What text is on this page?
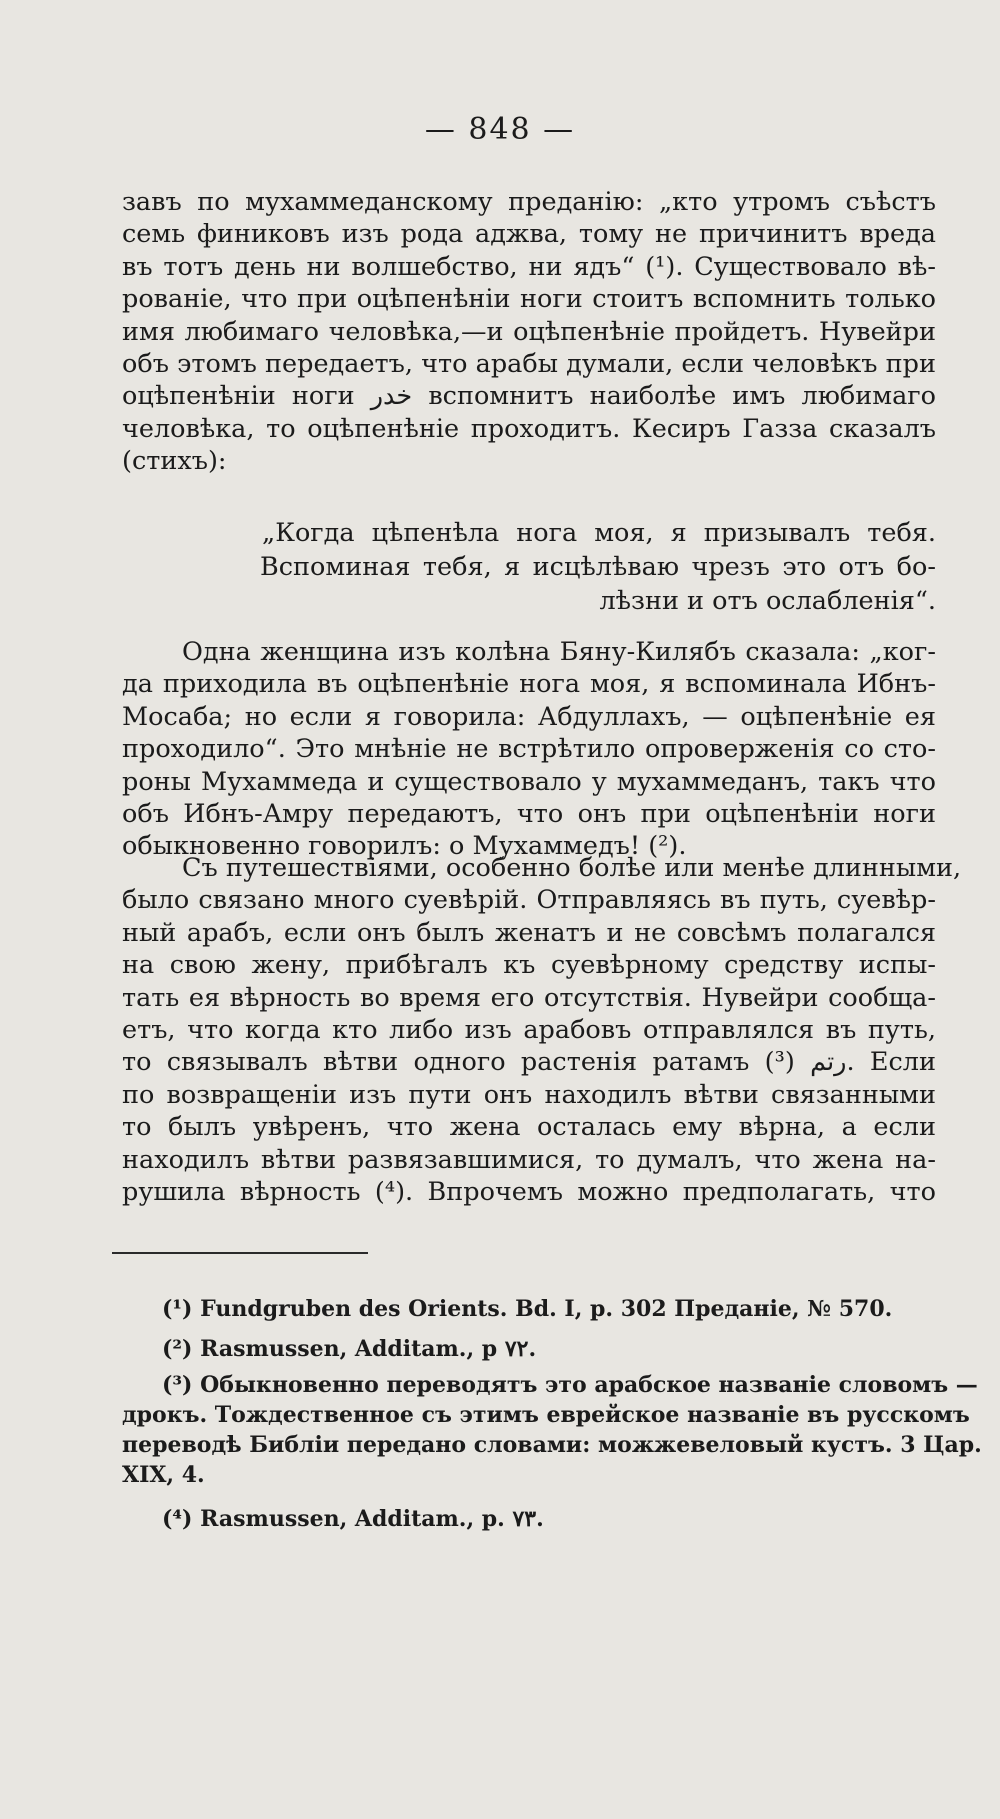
— 848 —
завъ по мухаммеданскому преданію: „кто утромъ съѣстъ
семь финиковъ изъ рода аджва, тому не причинитъ вреда
въ тотъ день ни волшебство, ни ядъ“ (¹). Существовало вѣ-
рованіе, что при оцѣпенѣніи ноги стоитъ вспомнить только
имя любимаго человѣка,—и оцѣпенѣніе пройдетъ. Нувейри
объ этомъ передаетъ, что арабы думали, если человѣкъ при
оцѣпенѣніи ноги خدر вспомнитъ наиболѣе имъ любимаго
человѣка, то оцѣпенѣніе проходитъ. Кесиръ Газза сказалъ
(стихъ):
„Когда цѣпенѣла нога моя, я призывалъ тебя.
Вспоминая тебя, я исцѣлѣваю чрезъ это отъ бо-
лѣзни и отъ ослабленія“.
Одна женщина изъ колѣна Бяну-Килябъ сказала: „ког-
да приходила въ оцѣпенѣніе нога моя, я вспоминала Ибнъ-
Мосаба; но если я говорила: Абдуллахъ, — оцѣпенѣніе ея
проходило“. Это мнѣніе не встрѣтило опроверженія со сто-
роны Мухаммеда и существовало у мухаммеданъ, такъ что
объ Ибнъ-Амру передаютъ, что онъ при оцѣпенѣніи ноги
обыкновенно говорилъ: о Мухаммедъ! (²).
Съ путешествіями, особенно болѣе или менѣе длинными,
было связано много суевѣрій. Отправляясь въ путь, суевѣр-
ный арабъ, если онъ былъ женатъ и не совсѣмъ полагался
на свою жену, прибѣгалъ къ суевѣрному средству испы-
тать ея вѣрность во время его отсутствія. Нувейри сообща-
етъ, что когда кто либо изъ арабовъ отправлялся въ путь,
то связывалъ вѣтви одного растенія ратамъ رتم (³). Если
по возвращеніи изъ пути онъ находилъ вѣтви связанными
то былъ увѣренъ, что жена осталась ему вѣрна, а если
находилъ вѣтви развязавшимися, то думалъ, что жена на-
рушила вѣрность (⁴). Впрочемъ можно предполагать, что
(¹) Fundgruben des Orients. Bd. I, p. 302 Преданіе, № 570.
(²) Rasmussen, Additam., p ٧٢.
(³) Обыкновенно переводятъ это арабское названіе словомъ —
дрокъ. Тождественное съ этимъ еврейское названіе въ русскомъ
переводѣ Библіи передано словами: можжевеловый кустъ. 3 Цар.
XIX, 4.
(⁴) Rasmussen, Additam., p. ٧٣.
